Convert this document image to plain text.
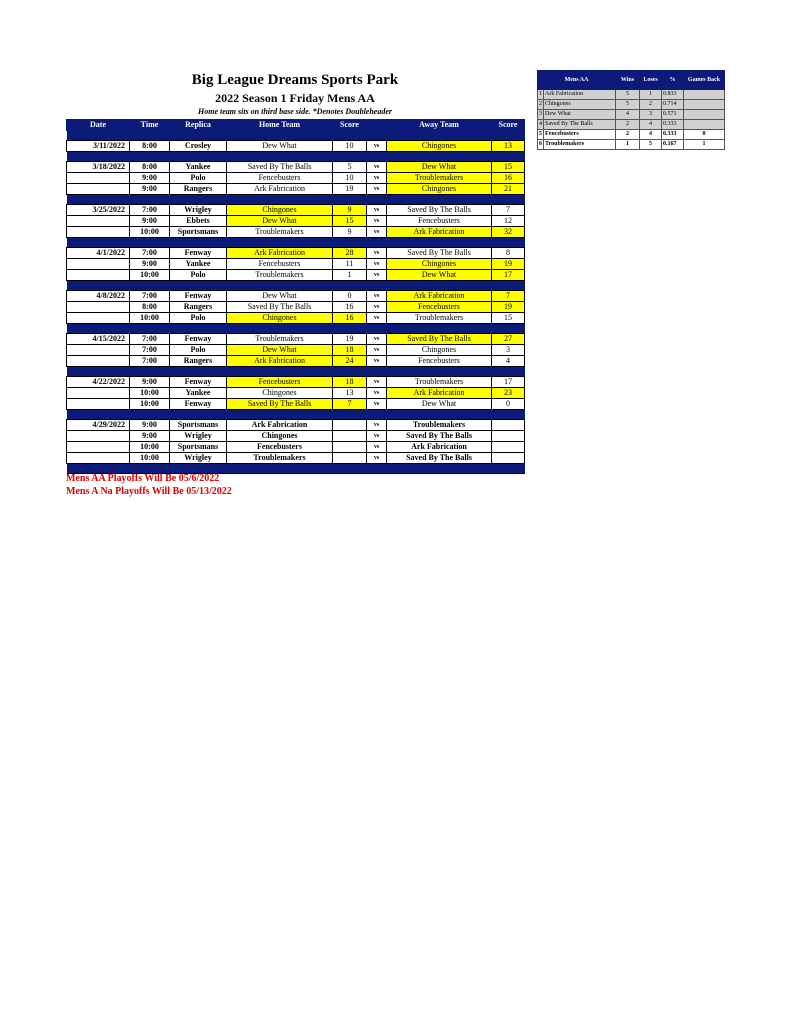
Big League Dreams Sports Park
2022 Season 1 Friday Mens AA
Home team sits on third base side. *Denotes Doubleheader
Date	Time	Replica	Home Team	Score		Away Team	Score

3/11/2022	8:00	Crosley	Dew What	10	vs	Chingones	13

3/18/2022	8:00	Yankee	Saved By The Balls	5	vs	Dew What	15
	9:00	Polo	Fencebusters	10	vs	Troublemakers	16
	9:00	Rangers	Ark Fabrication	19	vs	Chingones	21

3/25/2022	7:00	Wrigley	Chingones	9	vs	Saved By The Balls	7
	9:00	Ebbets	Dew What	15	vs	Fencebusters	12
	10:00	Sportsmans	Troublemakers	9	vs	Ark Fabrication	32

4/1/2022	7:00	Fenway	Ark Fabrication	28	vs	Saved By The Balls	8
	9:00	Yankee	Fencebusters	11	vs	Chingones	19
	10:00	Polo	Troublemakers	1	vs	Dew What	17

4/8/2022	7:00	Fenway	Dew What	0	vs	Ark Fabrication	7
	8:00	Rangers	Saved By The Balls	16	vs	Fencebusters	19
	10:00	Polo	Chingones	16	vs	Troublemakers	15

4/15/2022	7:00	Fenway	Troublemakers	19	vs	Saved By The Balls	27
	7:00	Polo	Dew What	18	vs	Chingones	3
	7:00	Rangers	Ark Fabrication	24	vs	Fencebusters	4

4/22/2022	9:00	Fenway	Fencebusters	18	vs	Troublemakers	17
	10:00	Yankee	Chingones	13	vs	Ark Fabrication	23
	10:00	Fenway	Saved By The Balls	7	vs	Dew What	0

4/29/2022	9:00	Sportsmans	Ark Fabrication		vs	Troublemakers	
	9:00	Wrigley	Chingones		vs	Saved By The Balls	
	10:00	Sportsmans	Fencebusters		vs	Ark Fabrication	
	10:00	Wrigley	Troublemakers		vs	Saved By The Balls	

Mens AA Playoffs Will Be 05/6/2022
Mens A Na Playoffs Will Be 05/13/2022
Mens AA		Wins	Loses	%	Games Back
1	Ark Fabrication	5	1	0.833	
2	Chingones	5	2	0.714	
3	Dew What	4	3	0.571	
4	Saved By The Balls	2	4	0.333	
5	Fencebusters	2	4	0.333	0
6	Troublemakers	1	5	0.167	1
